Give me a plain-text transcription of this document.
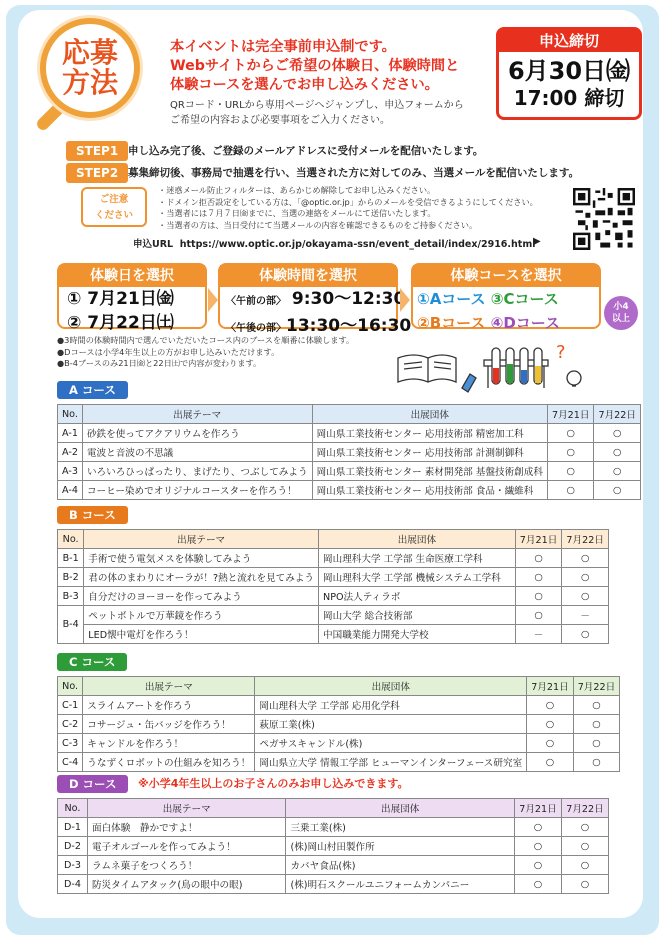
応募方法
本イベントは完全事前申込制です。
Webサイトからご希望の体験日、体験時間と
体験コースを選んでお申し込みください。
QRコード・URLから専用ページへジャンプし、申込フォームから
ご希望の内容および必要事項をご入力ください。
申込締切
6月30日㈮
17:00 締切
STEP1 申し込み完了後、ご登録のメールアドレスに受付メールを配信いたします。
STEP2 募集締切後、事務局で抽選を行い、当選された方に対してのみ、当選メールを配信いたします。
ご注意
ください
・迷惑メール防止フィルターは、あらかじめ解除してお申し込みください。
・ドメイン拒否設定をしている方は、「@optic.or.jp」からのメールを受信できるようにしてください。
・当選者には７月７日㈮までに、当選の連絡をメールにて送信いたします。
・当選者の方は、当日受付にて当選メールの内容を確認できるものをご持参ください。
申込URL https://www.optic.or.jp/okayama-ssn/event_detail/index/2916.html
▶
体験日を選択
① 7月21日㈮
② 7月22日㈯
体験時間を選択
〈午前の部〉 9:30〜12:30
〈午後の部〉13:30〜16:30
体験コースを選択
①Aコース ③Cコース
②Bコース ④Dコース
小4
以上
●3時間の体験時間内で選んでいただいたコース内のブースを順番に体験します。
●Dコースは小学4年生以上の方がお申し込みいただけます。
●B-4ブースのみ21日㈮と22日㈯で内容が変わります。	?
A コース
No.	出展テーマ	出展団体	7月21日	7月22日
A-1	砂鉄を使ってアクアリウムを作ろう	岡山県工業技術センター 応用技術部 精密加工科	○	○
A-2	電波と音波の不思議	岡山県工業技術センター 応用技術部 計測制御科	○	○
A-3	いろいろひっぱったり、まげたり、つぶしてみよう	岡山県工業技術センター 素材開発部 基盤技術創成科	○	○
A-4	コーヒー染めでオリジナルコースターを作ろう！	岡山県工業技術センター 応用技術部 食品・繊維科	○	○
B コース
No.	出展テーマ	出展団体	7月21日	7月22日
B-1	手術で使う電気メスを体験してみよう	岡山理科大学 工学部 生命医療工学科	○	○
B-2	君の体のまわりにオーラが！?熱と流れを見てみよう	岡山理科大学 工学部 機械システム工学科	○	○
B-3	自分だけのヨーヨーを作ってみよう	NPO法人ティラボ	○	○
B-4	ペットボトルで万華鏡を作ろう	岡山大学 総合技術部	○	－
	LED懐中電灯を作ろう！	中国職業能力開発大学校	－	○
C コース
No.	出展テーマ	出展団体	7月21日	7月22日
C-1	スライムアートを作ろう	岡山理科大学 工学部 応用化学科	○	○
C-2	コサージュ・缶バッジを作ろう！	萩原工業(株)	○	○
C-3	キャンドルを作ろう！	ペガサスキャンドル(株)	○	○
C-4	うなずくロボットの仕組みを知ろう！	岡山県立大学 情報工学部 ヒューマンインターフェース研究室	○	○
D コース	※小学4年生以上のお子さんのみお申し込みできます。
No.	出展テーマ	出展団体	7月21日	7月22日
D-1	面白体験　静かですよ！	三乗工業(株)	○	○
D-2	電子オルゴールを作ってみよう！	(株)岡山村田製作所	○	○
D-3	ラムネ菓子をつくろう！	カバヤ食品(株)	○	○
D-4	防災タイムアタック(鳥の眼中の眼)	(株)明石スクールユニフォームカンパニー	○	○
